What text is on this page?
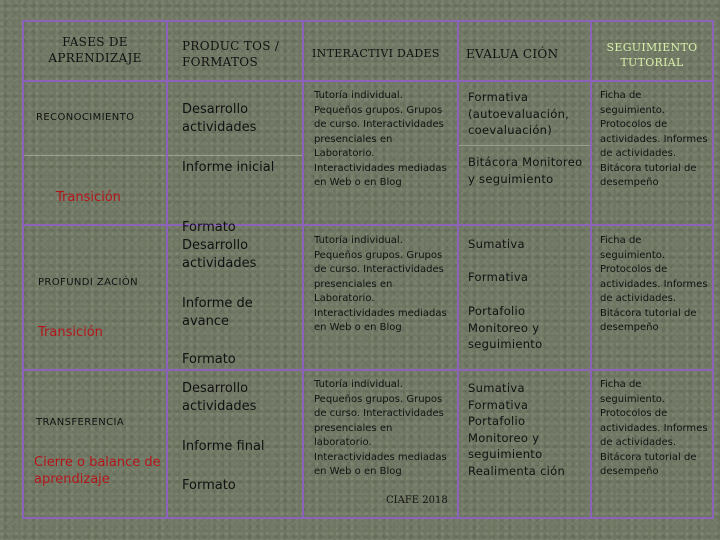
FASES DE APRENDIZAJE
PRODUC TOS / FORMATOS
INTERACTIVI DADES	EVALUA CIÓN	SEGUIMIENTO TUTORIAL
RECONOCIMIENTO
Transición
PROFUNDI ZACIÓN
Transición
TRANSFERENCIA
Cierre o balance de aprendizaje
Desarrollo actividades
Informe inicial
Formato Desarrollo actividades
Informe de avance
Formato
Desarrollo actividades
Informe final
Formato
Tutoría individual. Pequeños grupos. Grupos de curso. Interactividades presenciales en Laboratorio. Interactividades mediadas en Web o en Blog
Tutoría individual. Pequeños grupos. Grupos de curso. Interactividades presenciales en Laboratorio. Interactividades mediadas en Web o en Blog
Tutoría individual. Pequeños grupos. Grupos de curso. Interactividades presenciales en laboratorio. Interactividades mediadas en Web o en Blog
CIAFE 2018
Formativa (autoevaluación, coevaluación)
Bitácora Monitoreo y seguimiento
Sumativa
Formativa
Portafolio Monitoreo y seguimiento
Sumativa Formativa Portafolio Monitoreo y seguimiento Realimenta ción
Ficha de seguimiento. Protocolos de actividades. Informes de actividades. Bitácora tutorial de desempeño
Ficha de seguimiento. Protocolos de actividades. Informes de actividades. Bitácora tutorial de desempeño
Ficha de seguimiento. Protocolos de actividades. Informes de actividades. Bitácora tutorial de desempeño
